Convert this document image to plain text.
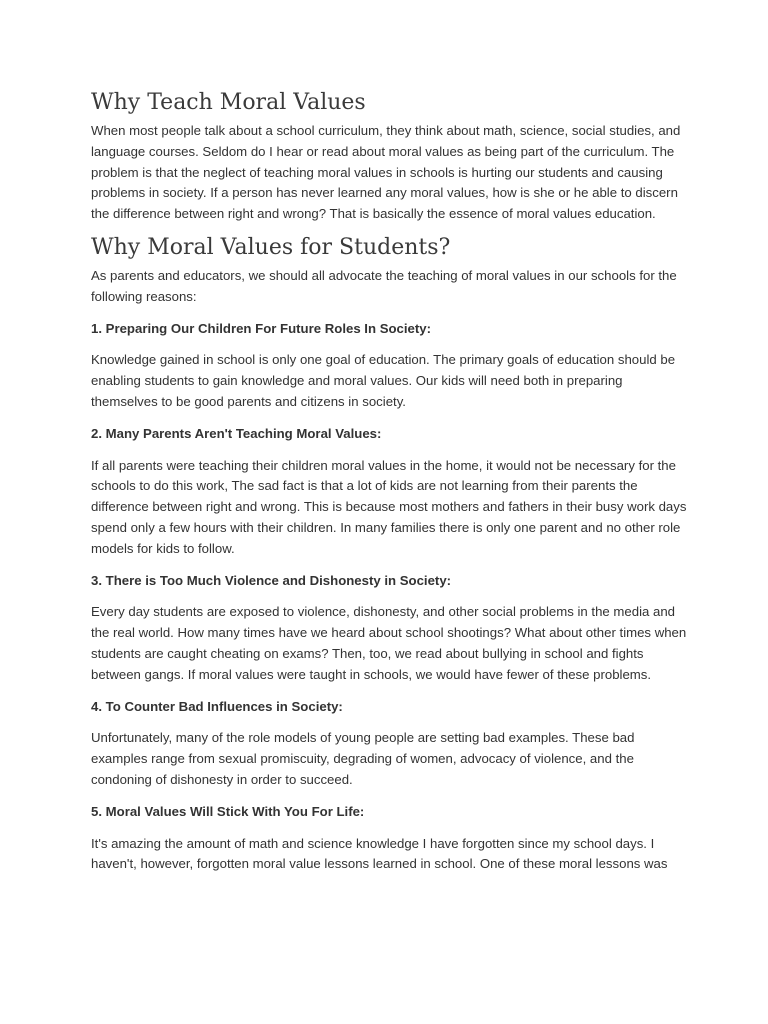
Why Teach Moral Values

When most people talk about a school curriculum, they think about math, science, social studies, and language courses. Seldom do I hear or read about moral values as being part of the curriculum. The problem is that the neglect of teaching moral values in schools is hurting our students and causing problems in society. If a person has never learned any moral values, how is she or he able to discern the difference between right and wrong? That is basically the essence of moral values education.

Why Moral Values for Students?

As parents and educators, we should all advocate the teaching of moral values in our schools for the following reasons:

1. Preparing Our Children For Future Roles In Society:

Knowledge gained in school is only one goal of education. The primary goals of education should be enabling students to gain knowledge and moral values. Our kids will need both in preparing themselves to be good parents and citizens in society.

2. Many Parents Aren't Teaching Moral Values:

If all parents were teaching their children moral values in the home, it would not be necessary for the schools to do this work, The sad fact is that a lot of kids are not learning from their parents the difference between right and wrong. This is because most mothers and fathers in their busy work days spend only a few hours with their children. In many families there is only one parent and no other role models for kids to follow.

3. There is Too Much Violence and Dishonesty in Society:

Every day students are exposed to violence, dishonesty, and other social problems in the media and the real world. How many times have we heard about school shootings? What about other times when students are caught cheating on exams? Then, too, we read about bullying in school and fights between gangs. If moral values were taught in schools, we would have fewer of these problems.

4. To Counter Bad Influences in Society:

Unfortunately, many of the role models of young people are setting bad examples. These bad examples range from sexual promiscuity, degrading of women, advocacy of violence, and the condoning of dishonesty in order to succeed.

5. Moral Values Will Stick With You For Life:

It's amazing the amount of math and science knowledge I have forgotten since my school days. I haven't, however, forgotten moral value lessons learned in school. One of these moral lessons was
